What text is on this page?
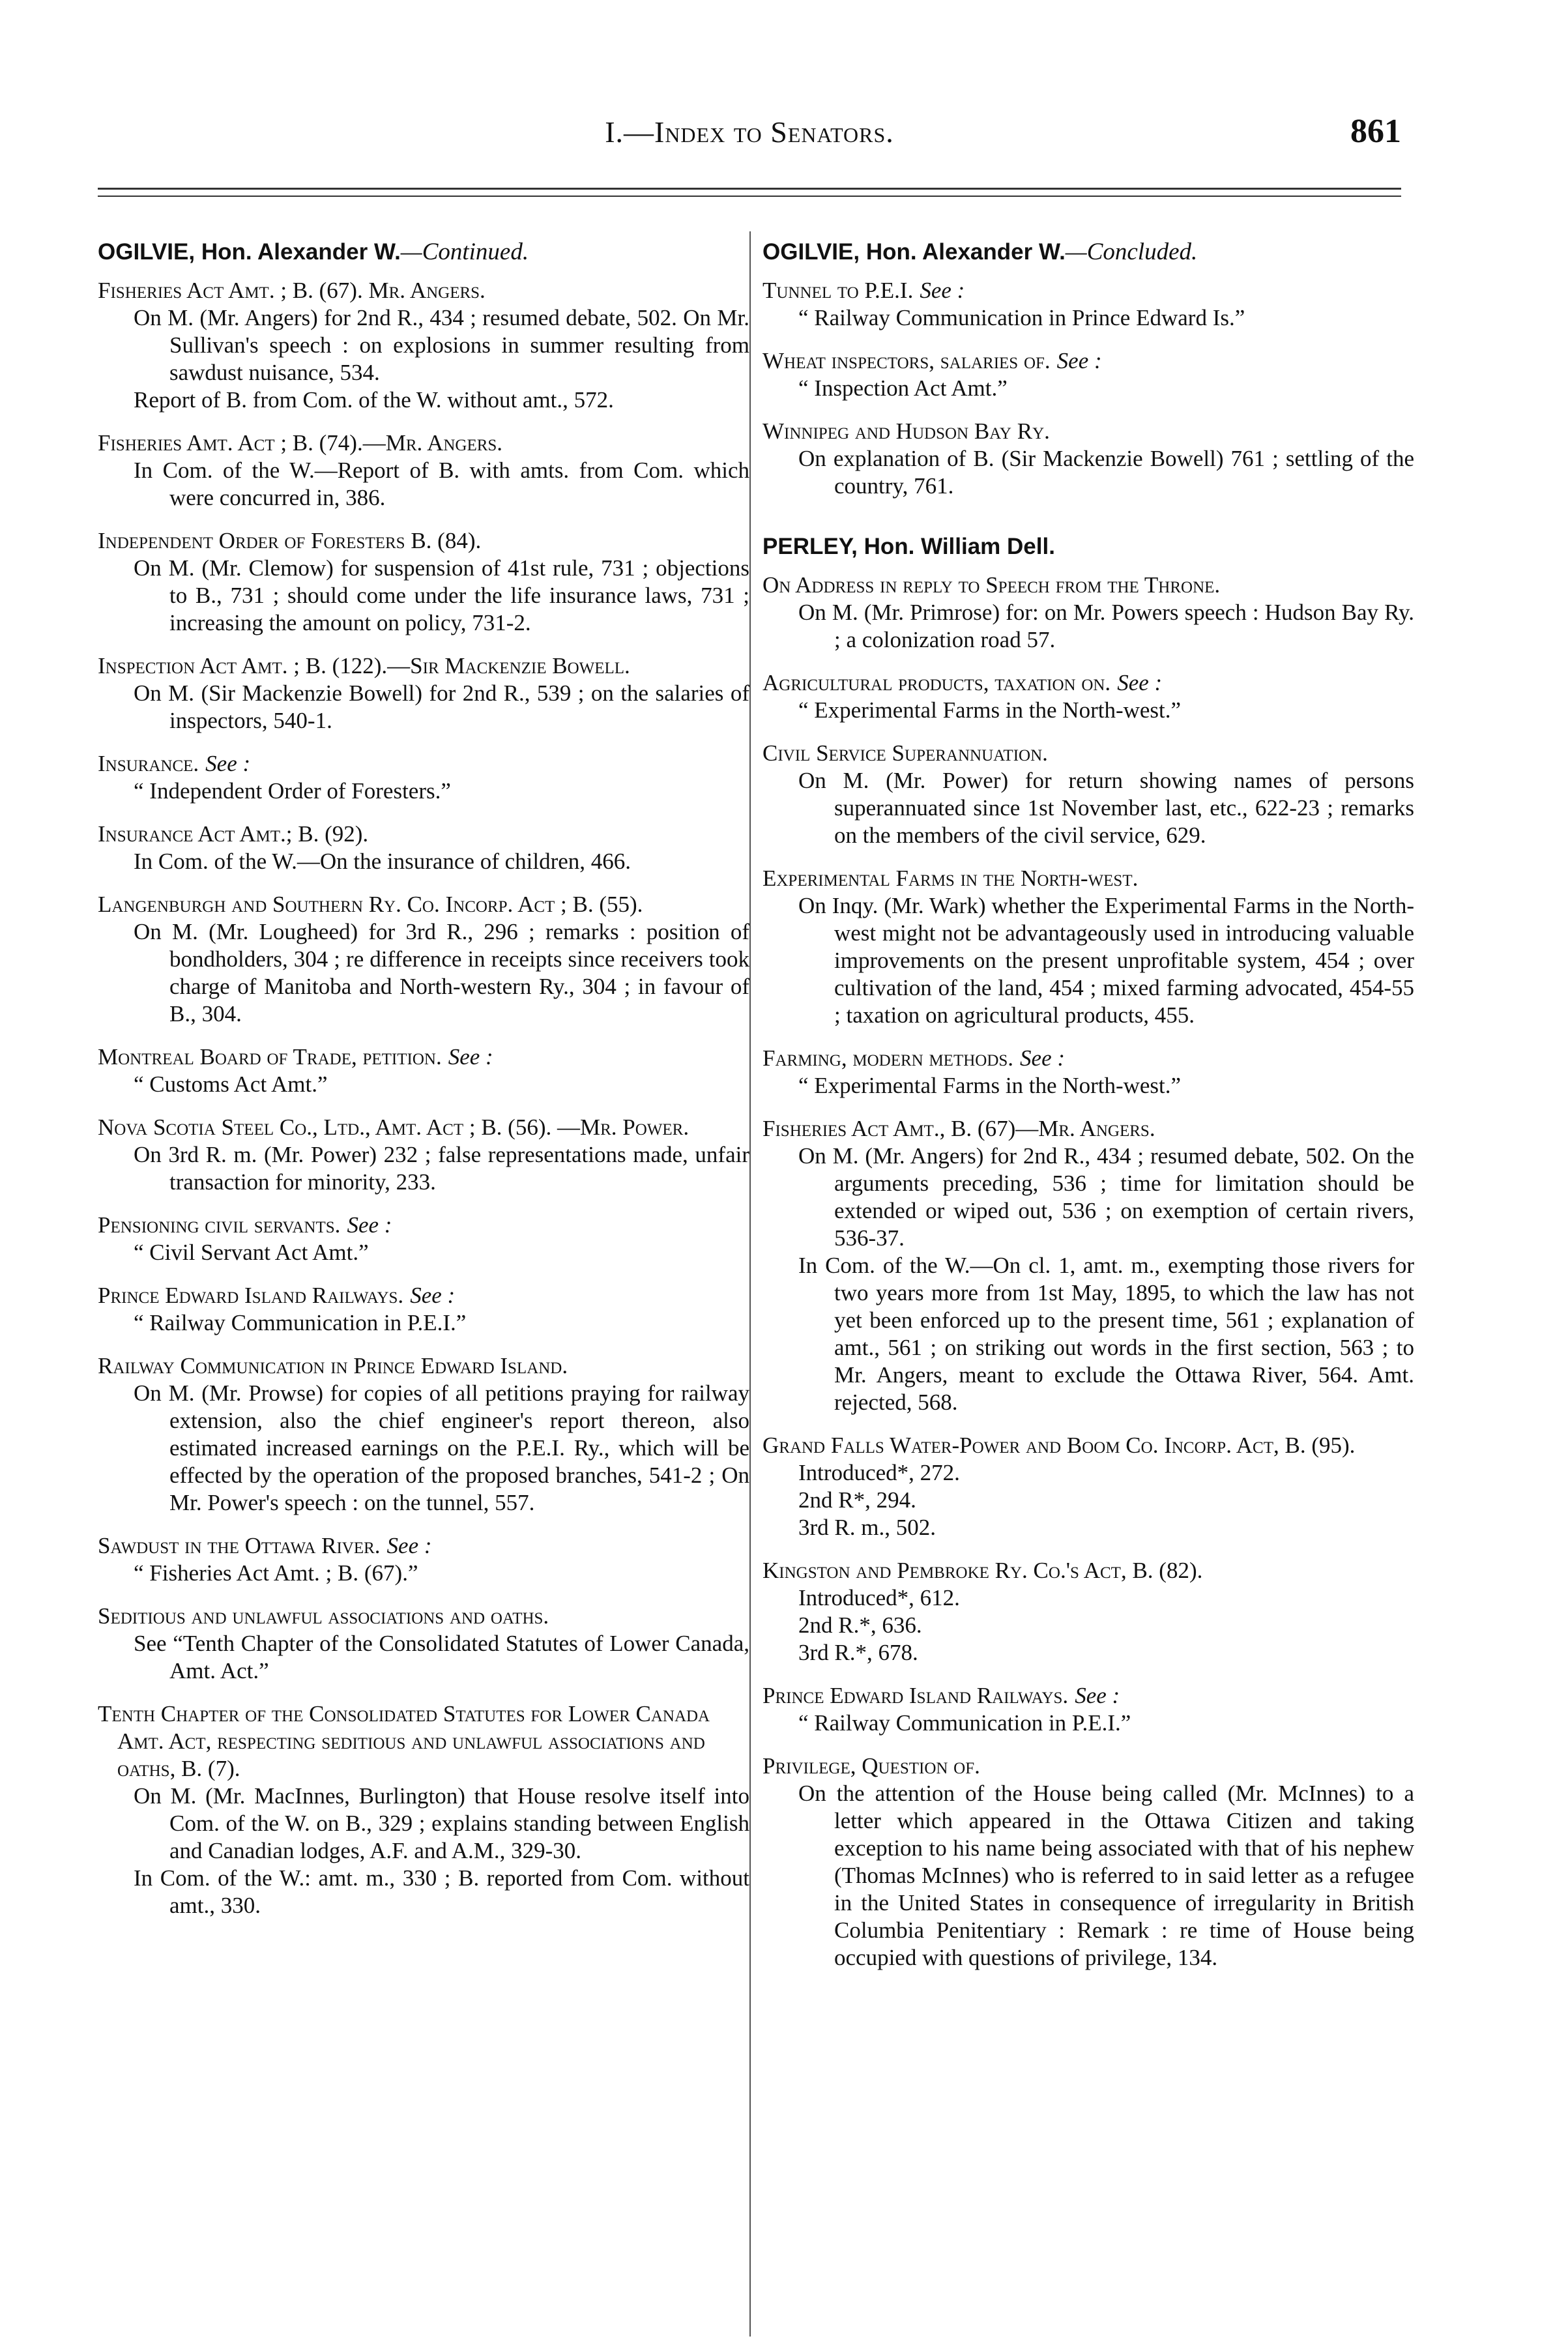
I.—Index to Senators.	861
OGILVIE, Hon. Alexander W.—Continued.
Fisheries Act Amt. ; B. (67). Mr. Angers.
On M. (Mr. Angers) for 2nd R., 434 ; resumed debate, 502. On Mr. Sullivan's speech : on explosions in summer resulting from sawdust nuisance, 534.
Report of B. from Com. of the W. without amt., 572.
Fisheries Amt. Act ; B. (74).—Mr. Angers.
In Com. of the W.—Report of B. with amts. from Com. which were concurred in, 386.
Independent Order of Foresters B. (84).
On M. (Mr. Clemow) for suspension of 41st rule, 731 ; objections to B., 731 ; should come under the life insurance laws, 731 ; increasing the amount on policy, 731-2.
Inspection Act Amt. ; B. (122).—Sir Mackenzie Bowell.
On M. (Sir Mackenzie Bowell) for 2nd R., 539 ; on the salaries of inspectors, 540-1.
Insurance. See :
“ Independent Order of Foresters.”
Insurance Act Amt.; B. (92).
In Com. of the W.—On the insurance of children, 466.
Langenburgh and Southern Ry. Co. Incorp. Act ; B. (55).
On M. (Mr. Lougheed) for 3rd R., 296 ; remarks : position of bondholders, 304 ; re difference in receipts since receivers took charge of Manitoba and North-western Ry., 304 ; in favour of B., 304.
Montreal Board of Trade, petition. See :
“ Customs Act Amt.”
Nova Scotia Steel Co., Ltd., Amt. Act ; B. (56). —Mr. Power.
On 3rd R. m. (Mr. Power) 232 ; false representations made, unfair transaction for minority, 233.
Pensioning civil servants. See :
“ Civil Servant Act Amt.”
Prince Edward Island Railways. See :
“ Railway Communication in P.E.I.”
Railway Communication in Prince Edward Island.
On M. (Mr. Prowse) for copies of all petitions praying for railway extension, also the chief engineer's report thereon, also estimated increased earnings on the P.E.I. Ry., which will be effected by the operation of the proposed branches, 541-2 ; On Mr. Power's speech : on the tunnel, 557.
Sawdust in the Ottawa River. See :
“ Fisheries Act Amt. ; B. (67).”
Seditious and unlawful associations and oaths.
See “Tenth Chapter of the Consolidated Statutes of Lower Canada, Amt. Act.”
Tenth Chapter of the Consolidated Statutes for Lower Canada Amt. Act, respecting seditious and unlawful associations and oaths, B. (7).
On M. (Mr. MacInnes, Burlington) that House resolve itself into Com. of the W. on B., 329 ; explains standing between English and Canadian lodges, A.F. and A.M., 329-30.
In Com. of the W.: amt. m., 330 ; B. reported from Com. without amt., 330.
OGILVIE, Hon. Alexander W.—Concluded.
Tunnel to P.E.I. See :
“ Railway Communication in Prince Edward Is.”
Wheat inspectors, salaries of. See :
“ Inspection Act Amt.”
Winnipeg and Hudson Bay Ry.
On explanation of B. (Sir Mackenzie Bowell) 761 ; settling of the country, 761.
PERLEY, Hon. William Dell.
On Address in reply to Speech from the Throne.
On M. (Mr. Primrose) for: on Mr. Powers speech : Hudson Bay Ry. ; a colonization road 57.
Agricultural products, taxation on. See :
“ Experimental Farms in the North-west.”
Civil Service Superannuation.
On M. (Mr. Power) for return showing names of persons superannuated since 1st November last, etc., 622-23 ; remarks on the members of the civil service, 629.
Experimental Farms in the North-west.
On Inqy. (Mr. Wark) whether the Experimental Farms in the North-west might not be advantageously used in introducing valuable improvements on the present unprofitable system, 454 ; over cultivation of the land, 454 ; mixed farming advocated, 454-55 ; taxation on agricultural products, 455.
Farming, modern methods. See :
“ Experimental Farms in the North-west.”
Fisheries Act Amt., B. (67)—Mr. Angers.
On M. (Mr. Angers) for 2nd R., 434 ; resumed debate, 502. On the arguments preceding, 536 ; time for limitation should be extended or wiped out, 536 ; on exemption of certain rivers, 536-37.
In Com. of the W.—On cl. 1, amt. m., exempting those rivers for two years more from 1st May, 1895, to which the law has not yet been enforced up to the present time, 561 ; explanation of amt., 561 ; on striking out words in the first section, 563 ; to Mr. Angers, meant to exclude the Ottawa River, 564. Amt. rejected, 568.
Grand Falls Water-Power and Boom Co. Incorp. Act, B. (95).
Introduced*, 272.
2nd R*, 294.
3rd R. m., 502.
Kingston and Pembroke Ry. Co.'s Act, B. (82).
Introduced*, 612.
2nd R.*, 636.
3rd R.*, 678.
Prince Edward Island Railways. See :
“ Railway Communication in P.E.I.”
Privilege, Question of.
On the attention of the House being called (Mr. McInnes) to a letter which appeared in the Ottawa Citizen and taking exception to his name being associated with that of his nephew (Thomas McInnes) who is referred to in said letter as a refugee in the United States in consequence of irregularity in British Columbia Penitentiary : Remark : re time of House being occupied with questions of privilege, 134.
